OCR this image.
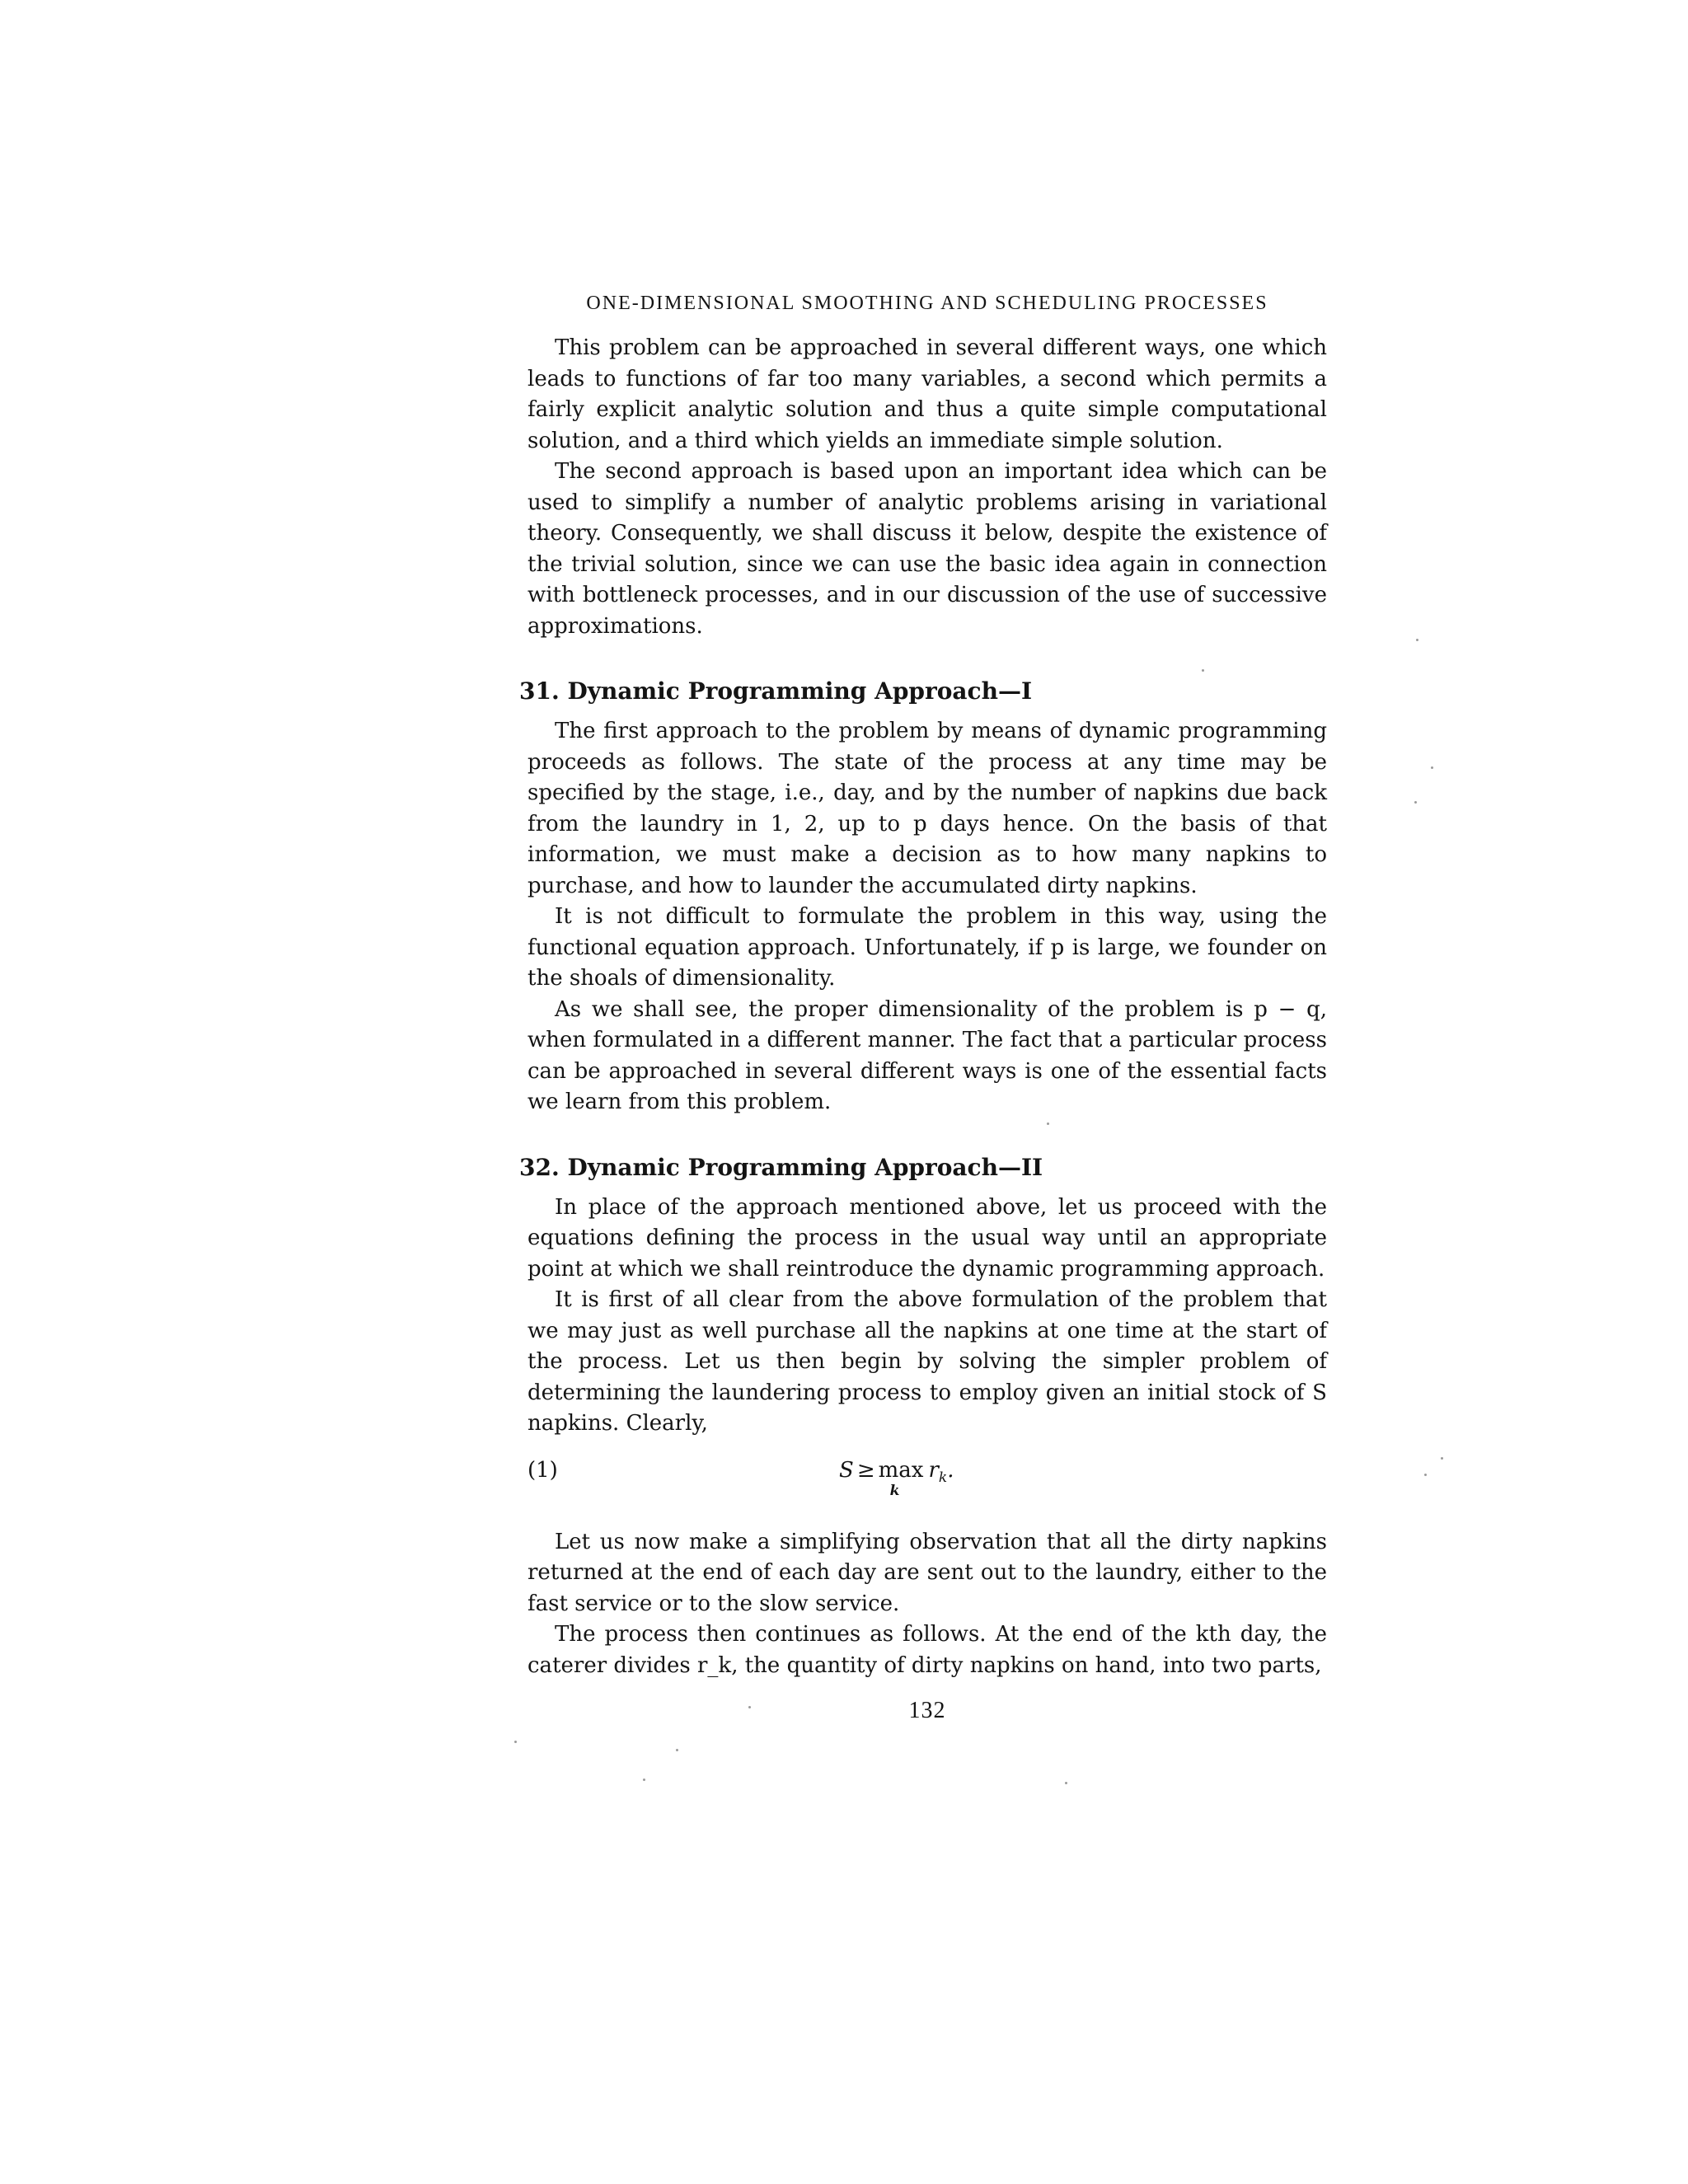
ONE-DIMENSIONAL SMOOTHING AND SCHEDULING PROCESSES

This problem can be approached in several different ways, one which leads to functions of far too many variables, a second which permits a fairly explicit analytic solution and thus a quite simple computational solution, and a third which yields an immediate simple solution.

The second approach is based upon an important idea which can be used to simplify a number of analytic problems arising in variational theory. Consequently, we shall discuss it below, despite the existence of the trivial solution, since we can use the basic idea again in connection with bottleneck processes, and in our discussion of the use of successive approximations.

31. Dynamic Programming Approach—I

The first approach to the problem by means of dynamic programming proceeds as follows. The state of the process at any time may be specified by the stage, i.e., day, and by the number of napkins due back from the laundry in 1, 2, up to p days hence. On the basis of that information, we must make a decision as to how many napkins to purchase, and how to launder the accumulated dirty napkins.

It is not difficult to formulate the problem in this way, using the functional equation approach. Unfortunately, if p is large, we founder on the shoals of dimensionality.

As we shall see, the proper dimensionality of the problem is p − q, when formulated in a different manner. The fact that a particular process can be approached in several different ways is one of the essential facts we learn from this problem.

32. Dynamic Programming Approach—II

In place of the approach mentioned above, let us proceed with the equations defining the process in the usual way until an appropriate point at which we shall reintroduce the dynamic programming approach.

It is first of all clear from the above formulation of the problem that we may just as well purchase all the napkins at one time at the start of the process. Let us then begin by solving the simpler problem of determining the laundering process to employ given an initial stock of S napkins. Clearly,

(1)	S ≥ max
k
$r_k$.

Let us now make a simplifying observation that all the dirty napkins returned at the end of each day are sent out to the laundry, either to the fast service or to the slow service.

The process then continues as follows. At the end of the kth day, the caterer divides r_k, the quantity of dirty napkins on hand, into two parts,

132
